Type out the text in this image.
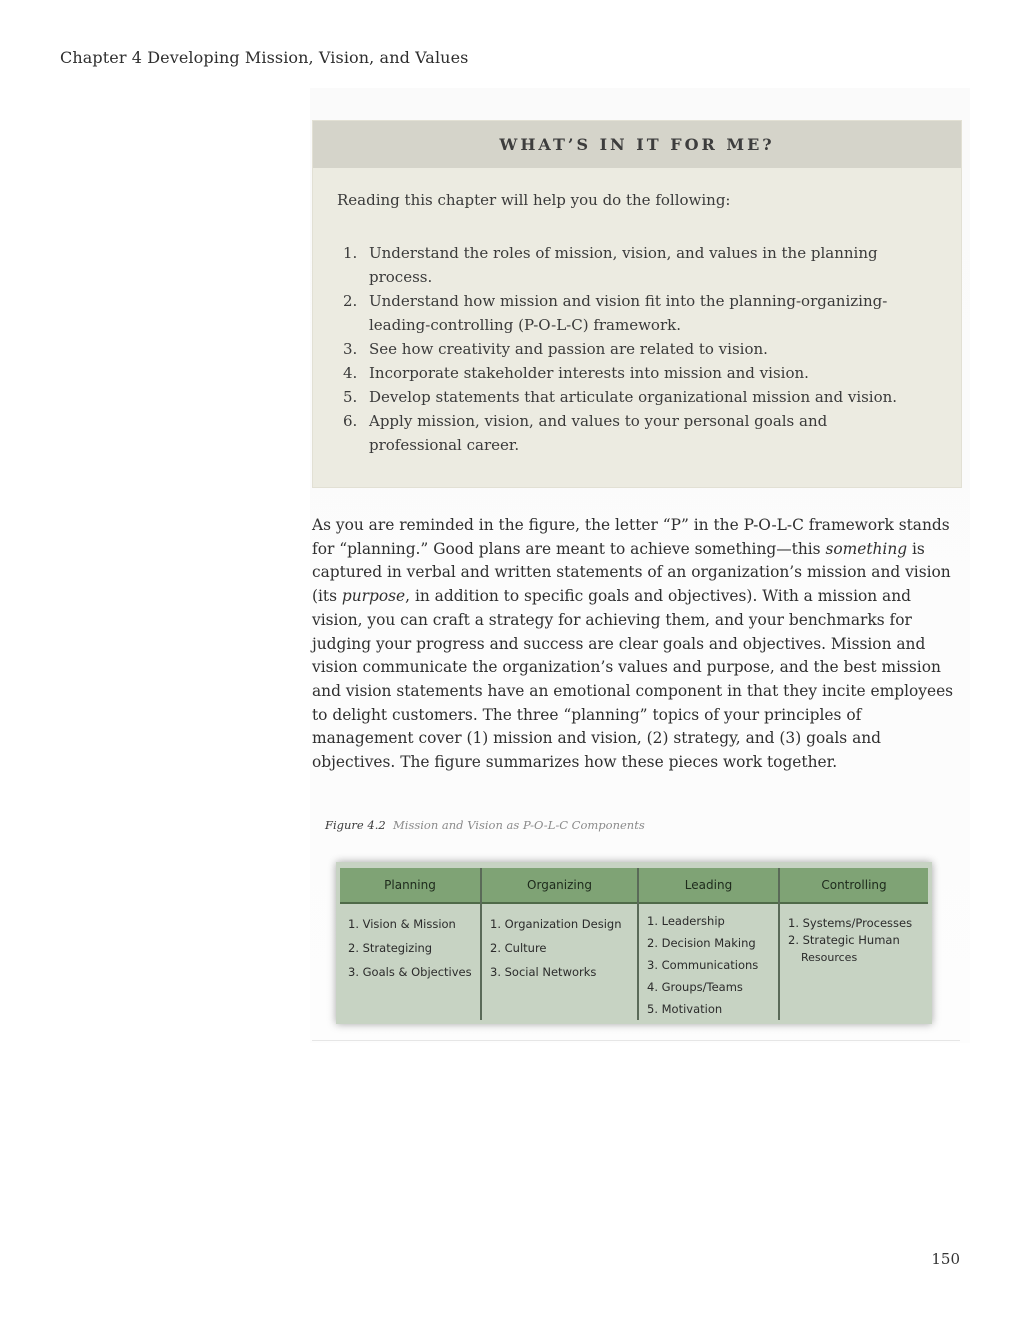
Chapter 4 Developing Mission, Vision, and Values
WHAT’S IN IT FOR ME?
Reading this chapter will help you do the following:
1. Understand the roles of mission, vision, and values in the planning process.
2. Understand how mission and vision fit into the planning-organizing-leading-controlling (P-O-L-C) framework.
3. See how creativity and passion are related to vision.
4. Incorporate stakeholder interests into mission and vision.
5. Develop statements that articulate organizational mission and vision.
6. Apply mission, vision, and values to your personal goals and professional career.

As you are reminded in the figure, the letter “P” in the P-O-L-C framework stands for “planning.” Good plans are meant to achieve something—this something is captured in verbal and written statements of an organization’s mission and vision (its purpose, in addition to specific goals and objectives). With a mission and vision, you can craft a strategy for achieving them, and your benchmarks for judging your progress and success are clear goals and objectives. Mission and vision communicate the organization’s values and purpose, and the best mission and vision statements have an emotional component in that they incite employees to delight customers. The three “planning” topics of your principles of management cover (1) mission and vision, (2) strategy, and (3) goals and objectives. The figure summarizes how these pieces work together.

Figure 4.2 Mission and Vision as P-O-L-C Components
Planning
1. Vision & Mission
2. Strategizing
3. Goals & Objectives
Organizing
1. Organization Design
2. Culture
3. Social Networks
Leading
1. Leadership
2. Decision Making
3. Communications
4. Groups/Teams
5. Motivation
Controlling
1. Systems/Processes
2. Strategic Human
Resources
150
